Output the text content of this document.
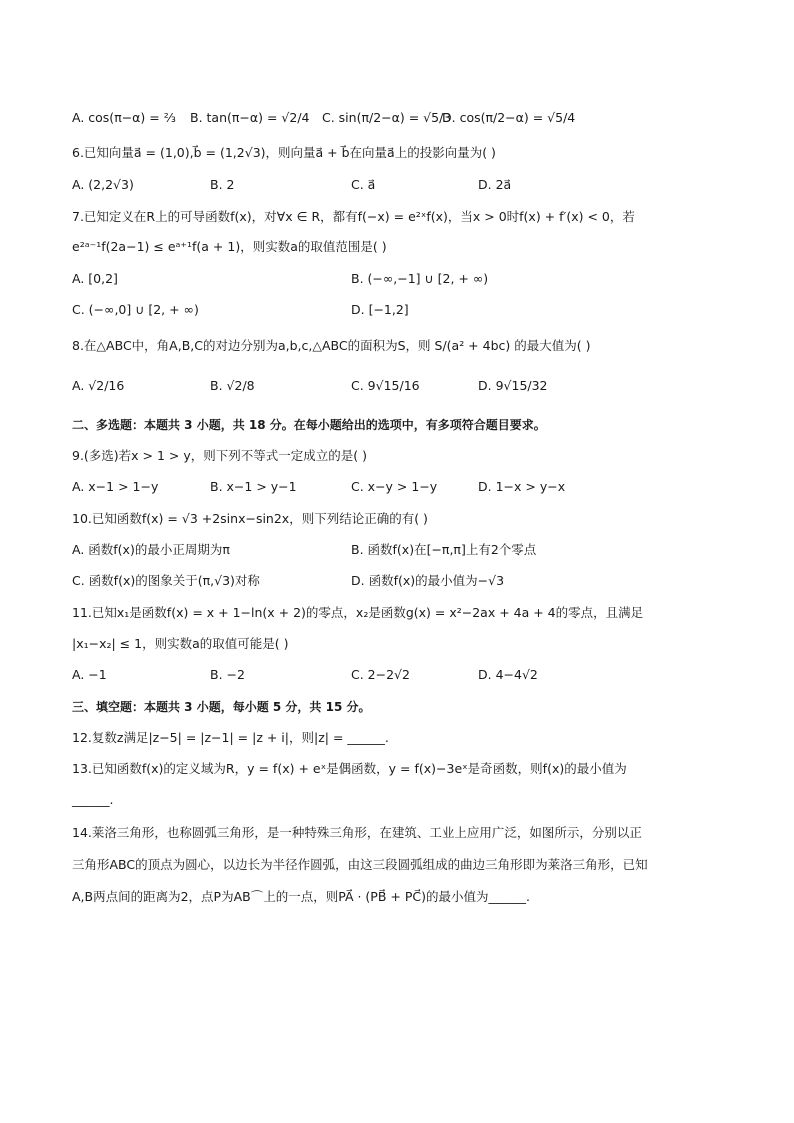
A. cos(π−α) = ⅔ B. tan(π−α) = √2/4 C. sin(π/2−α) = √5/3
D. cos(π/2−α) = √5/4
6.已知向量a⃗ = (1,0),b⃗ = (1,2√3)，则向量a⃗ + b⃗在向量a⃗上的投影向量为( )
A. (2,2√3)	B. 2	C. a⃗	D. 2a⃗
7.已知定义在R上的可导函数f(x)，对∀x ∈ R，都有f(−x) = e²ˣf(x)，当x > 0时f(x) + f′(x) < 0，若
e²ᵃ⁻¹f(2a−1) ≤ eᵃ⁺¹f(a + 1)，则实数a的取值范围是( )
A. [0,2]	B. (−∞,−1] ∪ [2, + ∞)
C. (−∞,0] ∪ [2, + ∞)	D. [−1,2]
8.在△ABC中，角A,B,C的对边分别为a,b,c,△ABC的面积为S，则 S/(a² + 4bc) 的最大值为( )
A. √2/16	B. √2/8	C. 9√15/16	D. 9√15/32
二、多选题：本题共 3 小题，共 18 分。在每小题给出的选项中，有多项符合题目要求。
9.(多选)若x > 1 > y，则下列不等式一定成立的是( )
A. x−1 > 1−y	B. x−1 > y−1	C. x−y > 1−y	D. 1−x > y−x
10.已知函数f(x) = √3 +2sinx−sin2x，则下列结论正确的有( )
A. 函数f(x)的最小正周期为π	B. 函数f(x)在[−π,π]上有2个零点
C. 函数f(x)的图象关于(π,√3)对称	D. 函数f(x)的最小值为−√3
11.已知x₁是函数f(x) = x + 1−ln(x + 2)的零点，x₂是函数g(x) = x²−2ax + 4a + 4的零点，且满足
|x₁−x₂| ≤ 1，则实数a的取值可能是( )
A. −1	B. −2	C. 2−2√2	D. 4−4√2
三、填空题：本题共 3 小题，每小题 5 分，共 15 分。
12.复数z满足|z−5| = |z−1| = |z + i|，则|z| = ______.
13.已知函数f(x)的定义域为R，y = f(x) + eˣ是偶函数，y = f(x)−3eˣ是奇函数，则f(x)的最小值为
______.
14.莱洛三角形，也称圆弧三角形，是一种特殊三角形，在建筑、工业上应用广泛，如图所示，分别以正
三角形ABC的顶点为圆心，以边长为半径作圆弧，由这三段圆弧组成的曲边三角形即为莱洛三角形，已知
A,B两点间的距离为2，点P为AB⌒上的一点，则PA⃗ · (PB⃗ + PC⃗)的最小值为______.
